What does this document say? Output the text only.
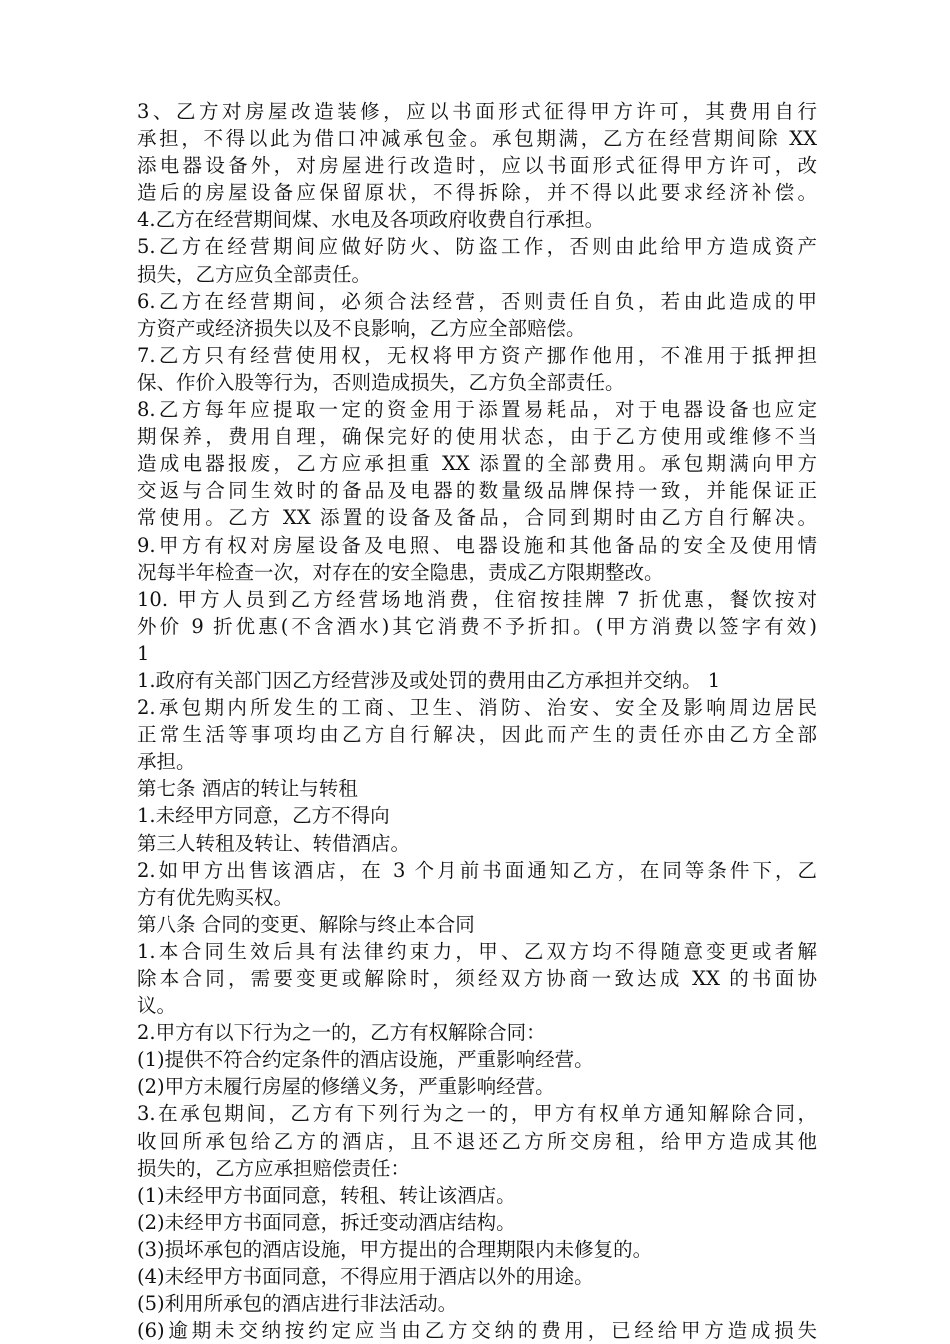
3、乙方对房屋改造装修，应以书面形式征得甲方许可，其费用自行
承担，不得以此为借口冲减承包金。承包期满，乙方在经营期间除 XX
添电器设备外，对房屋进行改造时，应以书面形式征得甲方许可，改
造后的房屋设备应保留原状，不得拆除，并不得以此要求经济补偿。
4.乙方在经营期间煤、水电及各项政府收费自行承担。
5.乙方在经营期间应做好防火、防盗工作，否则由此给甲方造成资产
损失，乙方应负全部责任。
6.乙方在经营期间，必须合法经营，否则责任自负，若由此造成的甲
方资产或经济损失以及不良影响，乙方应全部赔偿。
7.乙方只有经营使用权，无权将甲方资产挪作他用，不准用于抵押担
保、作价入股等行为，否则造成损失，乙方负全部责任。
8.乙方每年应提取一定的资金用于添置易耗品，对于电器设备也应定
期保养，费用自理，确保完好的使用状态，由于乙方使用或维修不当
造成电器报废，乙方应承担重 XX 添置的全部费用。承包期满向甲方
交返与合同生效时的备品及电器的数量级品牌保持一致，并能保证正
常使用。乙方 XX 添置的设备及备品，合同到期时由乙方自行解决。
9.甲方有权对房屋设备及电照、电器设施和其他备品的安全及使用情
况每半年检查一次，对存在的安全隐患，责成乙方限期整改。
10. 甲方人员到乙方经营场地消费，住宿按挂牌 7 折优惠，餐饮按对
外价 9 折优惠(不含酒水)其它消费不予折扣。(甲方消费以签字有效)
1
1.政府有关部门因乙方经营涉及或处罚的费用由乙方承担并交纳。 1
2.承包期内所发生的工商、卫生、消防、治安、安全及影响周边居民
正常生活等事项均由乙方自行解决，因此而产生的责任亦由乙方全部
承担。
第七条 酒店的转让与转租
1.未经甲方同意，乙方不得向
第三人转租及转让、转借酒店。
2.如甲方出售该酒店，在 3 个月前书面通知乙方，在同等条件下，乙
方有优先购买权。
第八条 合同的变更、解除与终止本合同
1.本合同生效后具有法律约束力，甲、乙双方均不得随意变更或者解
除本合同，需要变更或解除时，须经双方协商一致达成 XX 的书面协
议。
2.甲方有以下行为之一的，乙方有权解除合同：
(1)提供不符合约定条件的酒店设施，严重影响经营。
(2)甲方未履行房屋的修缮义务，严重影响经营。
3.在承包期间，乙方有下列行为之一的，甲方有权单方通知解除合同，
收回所承包给乙方的酒店，且不退还乙方所交房租，给甲方造成其他
损失的，乙方应承担赔偿责任：
(1)未经甲方书面同意，转租、转让该酒店。
(2)未经甲方书面同意，拆迁变动酒店结构。
(3)损坏承包的酒店设施，甲方提出的合理期限内未修复的。
(4)未经甲方书面同意，不得应用于酒店以外的用途。
(5)利用所承包的酒店进行非法活动。
(6)逾期未交纳按约定应当由乙方交纳的费用，已经给甲方造成损失
